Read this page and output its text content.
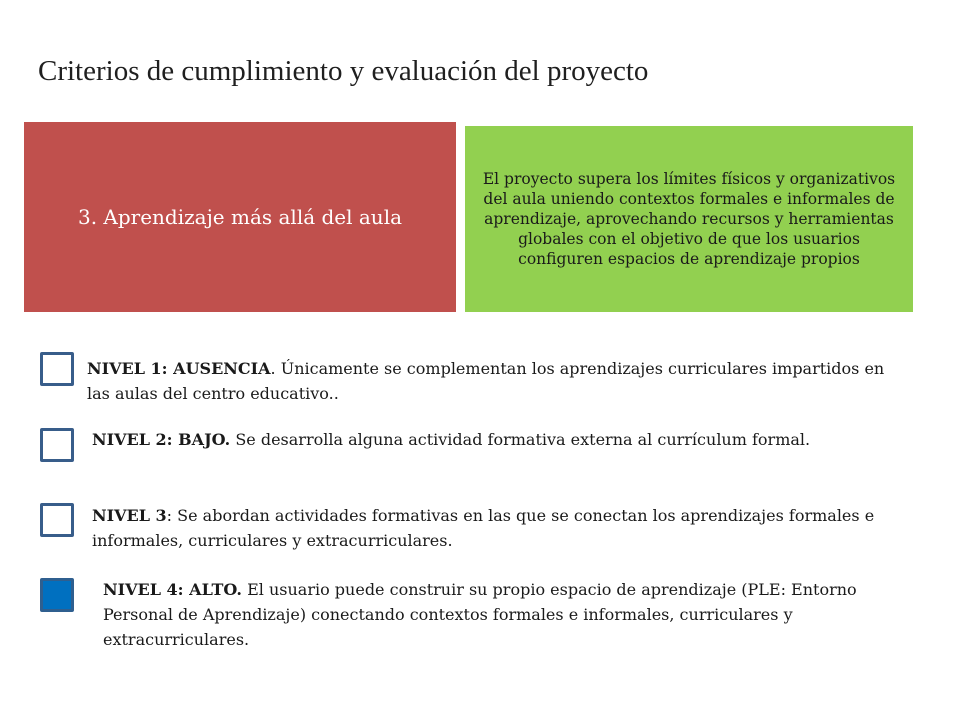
Criterios de cumplimiento y evaluación del proyecto
3. Aprendizaje más allá del aula
El proyecto supera los límites físicos y organizativos del aula uniendo contextos formales e informales de aprendizaje, aprovechando recursos y herramientas globales con el objetivo de que los usuarios configuren espacios de aprendizaje propios
NIVEL 1: AUSENCIA. Únicamente se complementan los aprendizajes curriculares impartidos en las aulas del centro educativo..
NIVEL 2: BAJO. Se desarrolla alguna actividad formativa externa al currículum formal.
NIVEL 3: Se abordan actividades formativas en las que se conectan los aprendizajes formales e informales, curriculares y extracurriculares.
NIVEL 4: ALTO. El usuario puede construir su propio espacio de aprendizaje (PLE: Entorno Personal de Aprendizaje) conectando contextos formales e informales, curriculares y extracurriculares.
